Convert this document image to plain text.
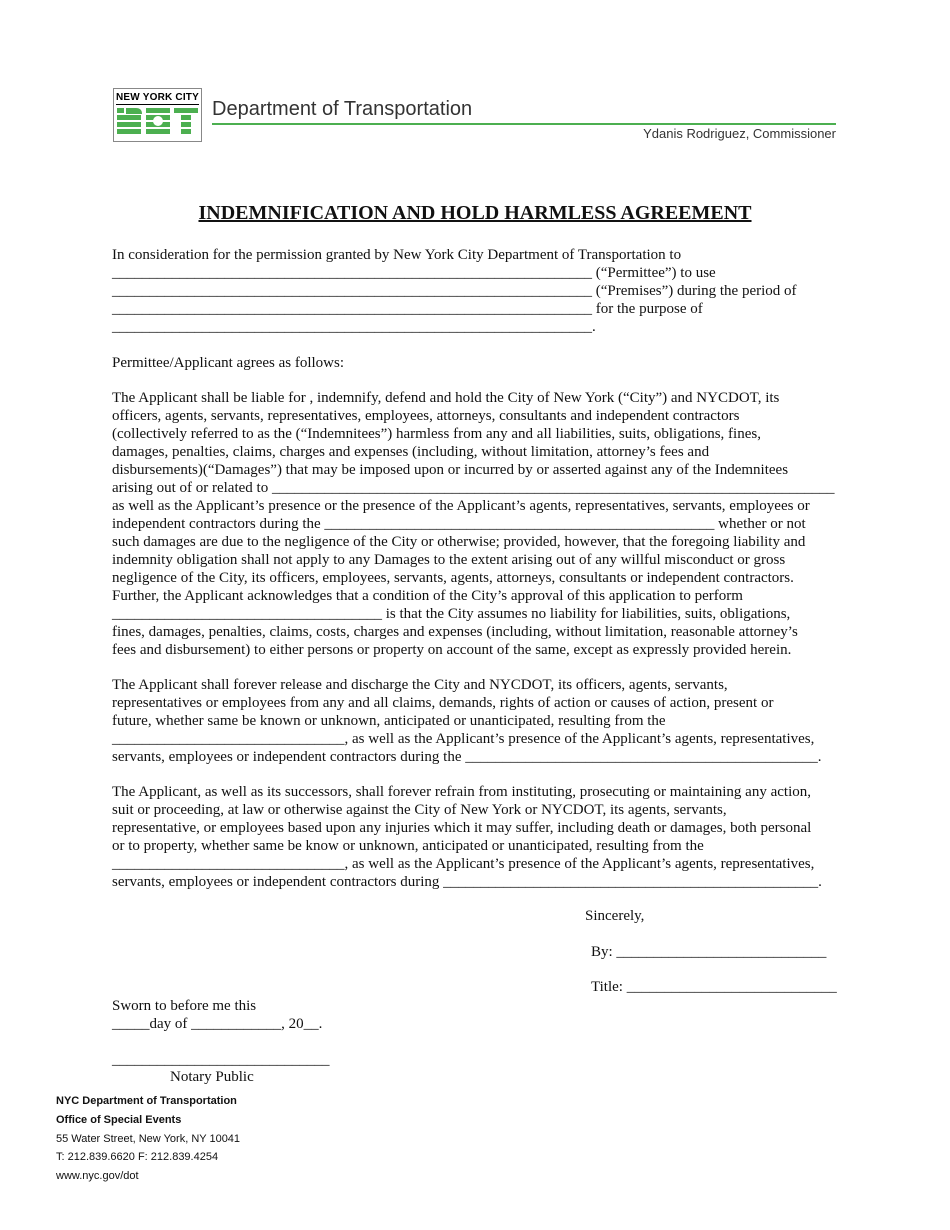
NEW YORK CITY
Department of Transportation
Ydanis Rodriguez, Commissioner
INDEMNIFICATION AND HOLD HARMLESS AGREEMENT
In consideration for the permission granted by New York City Department of Transportation to
________________________________________________________________ (“Permittee”) to use
________________________________________________________________ (“Premises”) during the period of
________________________________________________________________ for the purpose of
________________________________________________________________.
Permittee/Applicant agrees as follows:
The Applicant shall be liable for , indemnify, defend and hold the City of New York (“City”) and NYCDOT, its
officers, agents, servants, representatives, employees, attorneys, consultants and independent contractors
(collectively referred to as the (“Indemnitees”) harmless from any and all liabilities, suits, obligations, fines,
damages, penalties, claims, charges and expenses (including, without limitation, attorney’s fees and
disbursements)(“Damages”) that may be imposed upon or incurred by or asserted against any of the Indemnitees
arising out of or related to ___________________________________________________________________________
as well as the Applicant’s presence or the presence of the Applicant’s agents, representatives, servants, employees or
independent contractors during the ____________________________________________________ whether or not
such damages are due to the negligence of the City or otherwise; provided, however, that the foregoing liability and
indemnity obligation shall not apply to any Damages to the extent arising out of any willful misconduct or gross
negligence of the City, its officers, employees, servants, agents, attorneys, consultants or independent contractors.
Further, the Applicant acknowledges that a condition of the City’s approval of this application to perform
____________________________________ is that the City assumes no liability for liabilities, suits, obligations,
fines, damages, penalties, claims, costs, charges and expenses (including, without limitation, reasonable attorney’s
fees and disbursement) to either persons or property on account of the same, except as expressly provided herein.
The Applicant shall forever release and discharge the City and NYCDOT, its officers, agents, servants,
representatives or employees from any and all claims, demands, rights of action or causes of action, present or
future, whether same be known or unknown, anticipated or unanticipated, resulting from the
_______________________________, as well as the Applicant’s presence of the Applicant’s agents, representatives,
servants, employees or independent contractors during the _______________________________________________.
The Applicant, as well as its successors, shall forever refrain from instituting, prosecuting or maintaining any action,
suit or proceeding, at law or otherwise against the City of New York or NYCDOT, its agents, servants,
representative, or employees based upon any injuries which it may suffer, including death or damages, both personal
or to property, whether same be know or unknown, anticipated or unanticipated, resulting from the
_______________________________, as well as the Applicant’s presence of the Applicant’s agents, representatives,
servants, employees or independent contractors during __________________________________________________.
Sincerely,
By: ____________________________
Title: ____________________________
Sworn to before me this
_____day of ____________, 20__.
_____________________________
Notary Public
NYC Department of Transportation
Office of Special Events
55 Water Street, New York, NY 10041
T: 212.839.6620 F: 212.839.4254
www.nyc.gov/dot
